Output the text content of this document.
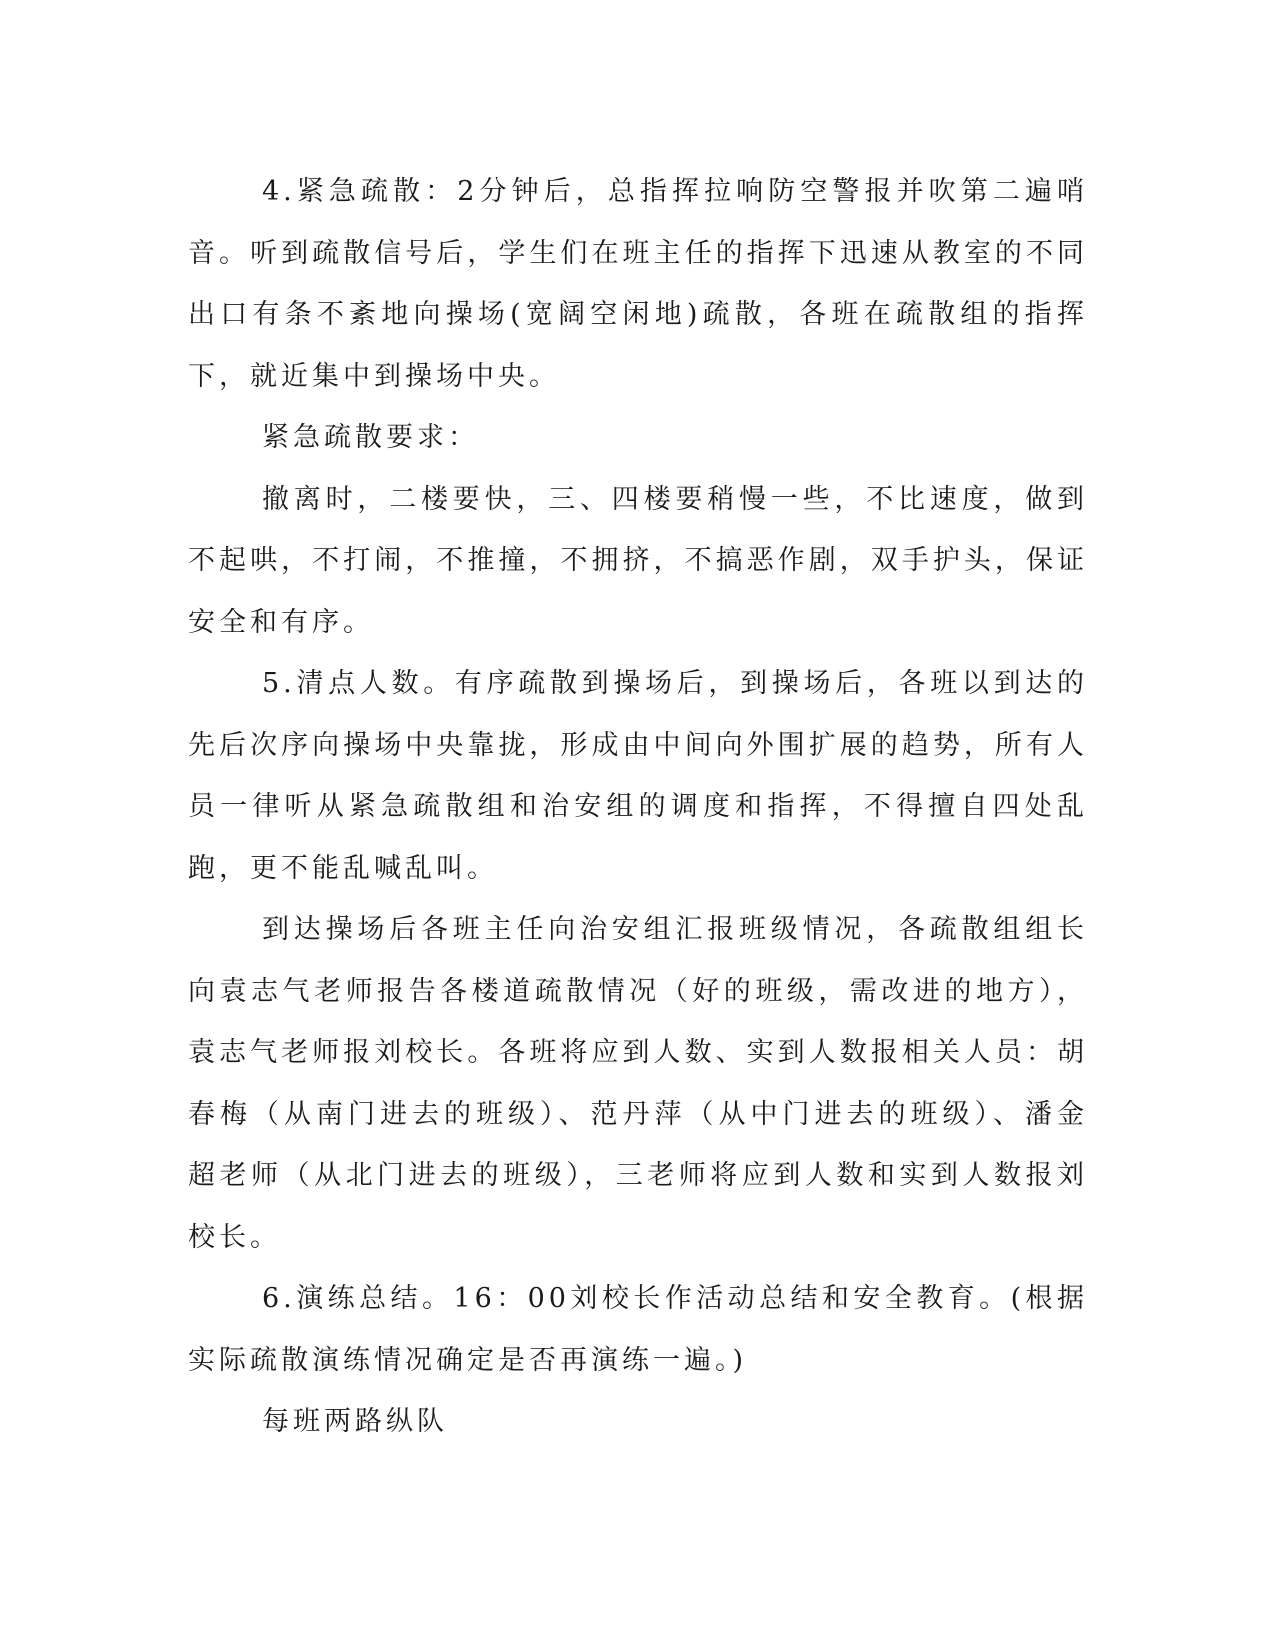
4.紧急疏散：2分钟后，总指挥拉响防空警报并吹第二遍哨音。听到疏散信号后，学生们在班主任的指挥下迅速从教室的不同出口有条不紊地向操场(宽阔空闲地)疏散，各班在疏散组的指挥下，就近集中到操场中央。

紧急疏散要求：

撤离时，二楼要快，三、四楼要稍慢一些，不比速度，做到不起哄，不打闹，不推撞，不拥挤，不搞恶作剧，双手护头，保证安全和有序。

5.清点人数。有序疏散到操场后，到操场后，各班以到达的先后次序向操场中央靠拢，形成由中间向外围扩展的趋势，所有人员一律听从紧急疏散组和治安组的调度和指挥，不得擅自四处乱跑，更不能乱喊乱叫。

到达操场后各班主任向治安组汇报班级情况，各疏散组组长向袁志气老师报告各楼道疏散情况（好的班级，需改进的地方），袁志气老师报刘校长。各班将应到人数、实到人数报相关人员：胡春梅（从南门进去的班级）、范丹萍（从中门进去的班级）、潘金超老师（从北门进去的班级），三老师将应到人数和实到人数报刘校长。

6.演练总结。16：00刘校长作活动总结和安全教育。(根据实际疏散演练情况确定是否再演练一遍。)

每班两路纵队
